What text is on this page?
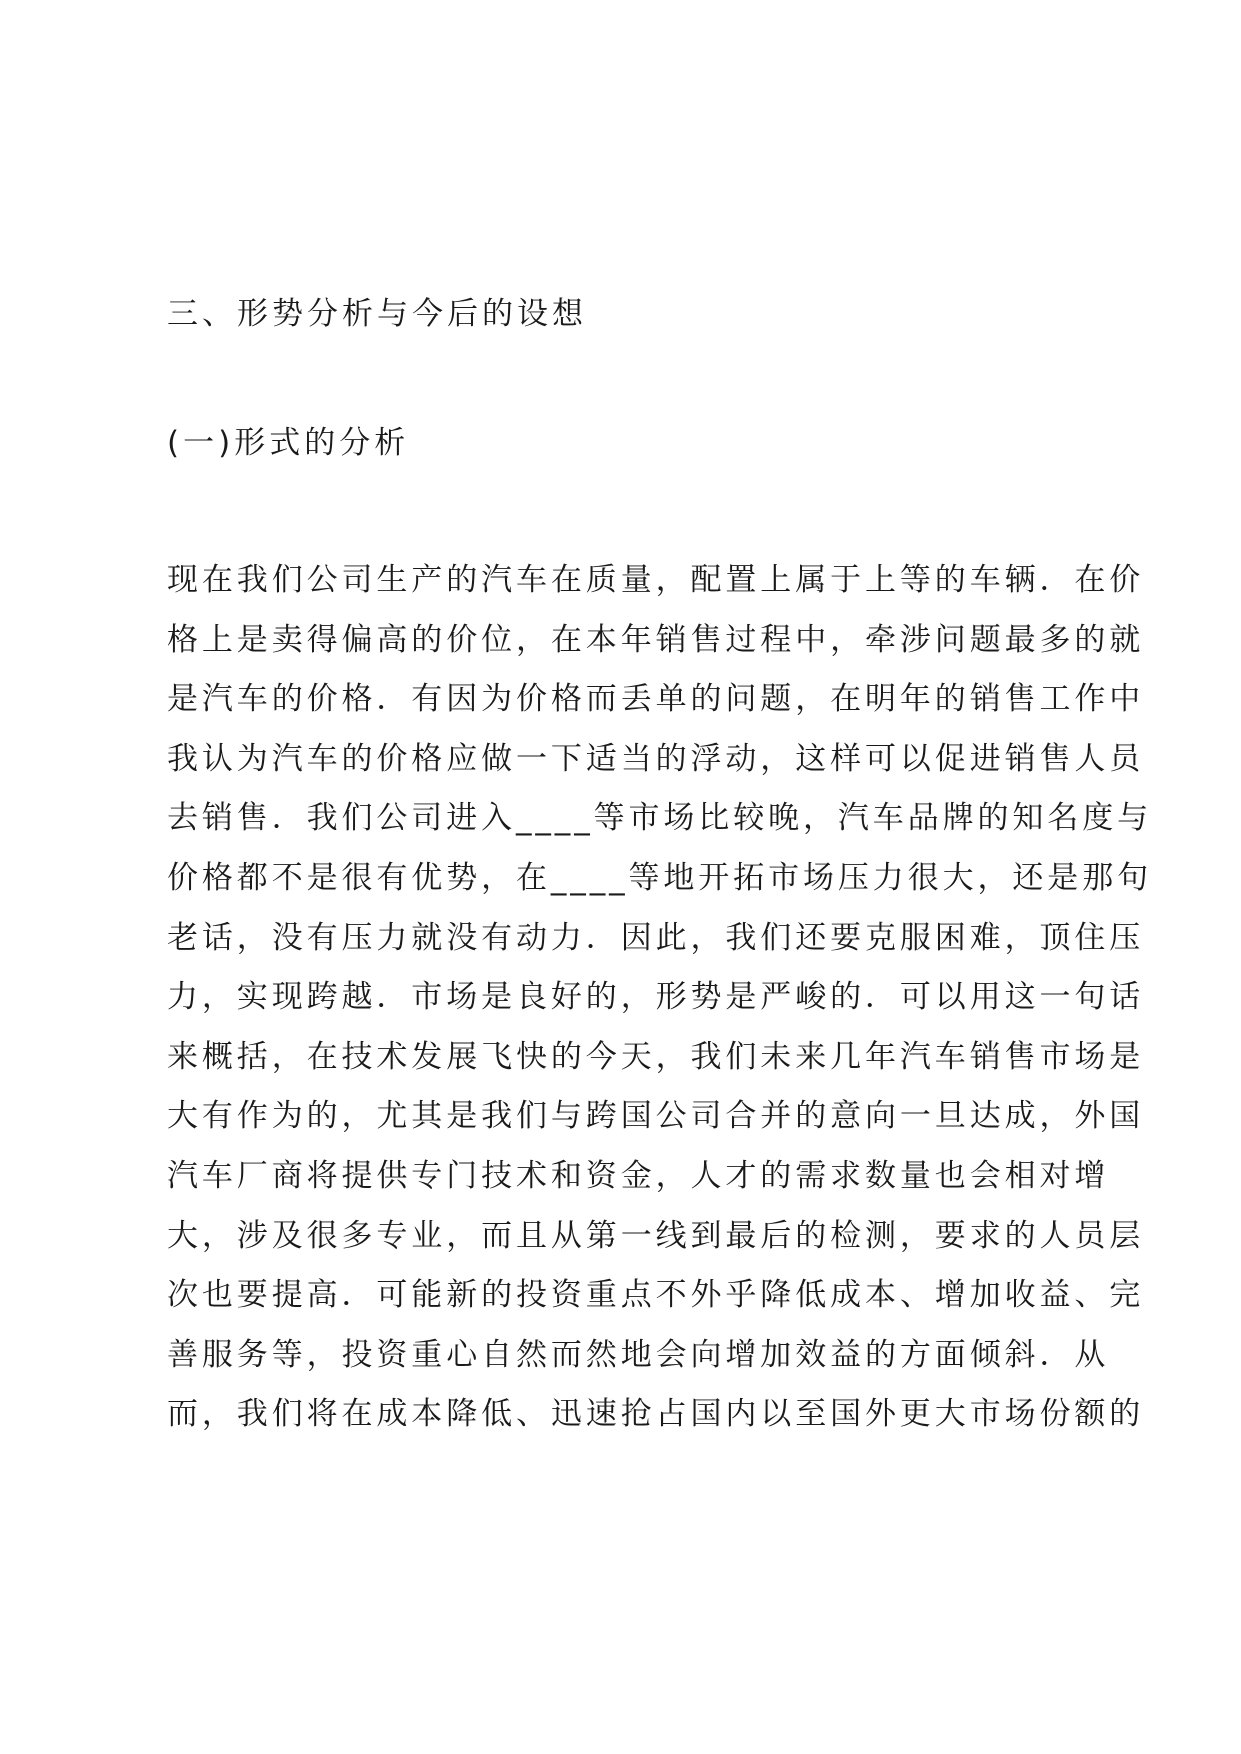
三、形势分析与今后的设想
(一)形式的分析
现在我们公司生产的汽车在质量，配置上属于上等的车辆．在价
格上是卖得偏高的价位，在本年销售过程中，牵涉问题最多的就
是汽车的价格．有因为价格而丢单的问题，在明年的销售工作中
我认为汽车的价格应做一下适当的浮动，这样可以促进销售人员
去销售．我们公司进入____等市场比较晚，汽车品牌的知名度与
价格都不是很有优势，在____等地开拓市场压力很大，还是那句
老话，没有压力就没有动力．因此，我们还要克服困难，顶住压
力，实现跨越．市场是良好的，形势是严峻的．可以用这一句话
来概括，在技术发展飞快的今天，我们未来几年汽车销售市场是
大有作为的，尤其是我们与跨国公司合并的意向一旦达成，外国
汽车厂商将提供专门技术和资金，人才的需求数量也会相对增
大，涉及很多专业，而且从第一线到最后的检测，要求的人员层
次也要提高．可能新的投资重点不外乎降低成本、增加收益、完
善服务等，投资重心自然而然地会向增加效益的方面倾斜．从
而，我们将在成本降低、迅速抢占国内以至国外更大市场份额的
